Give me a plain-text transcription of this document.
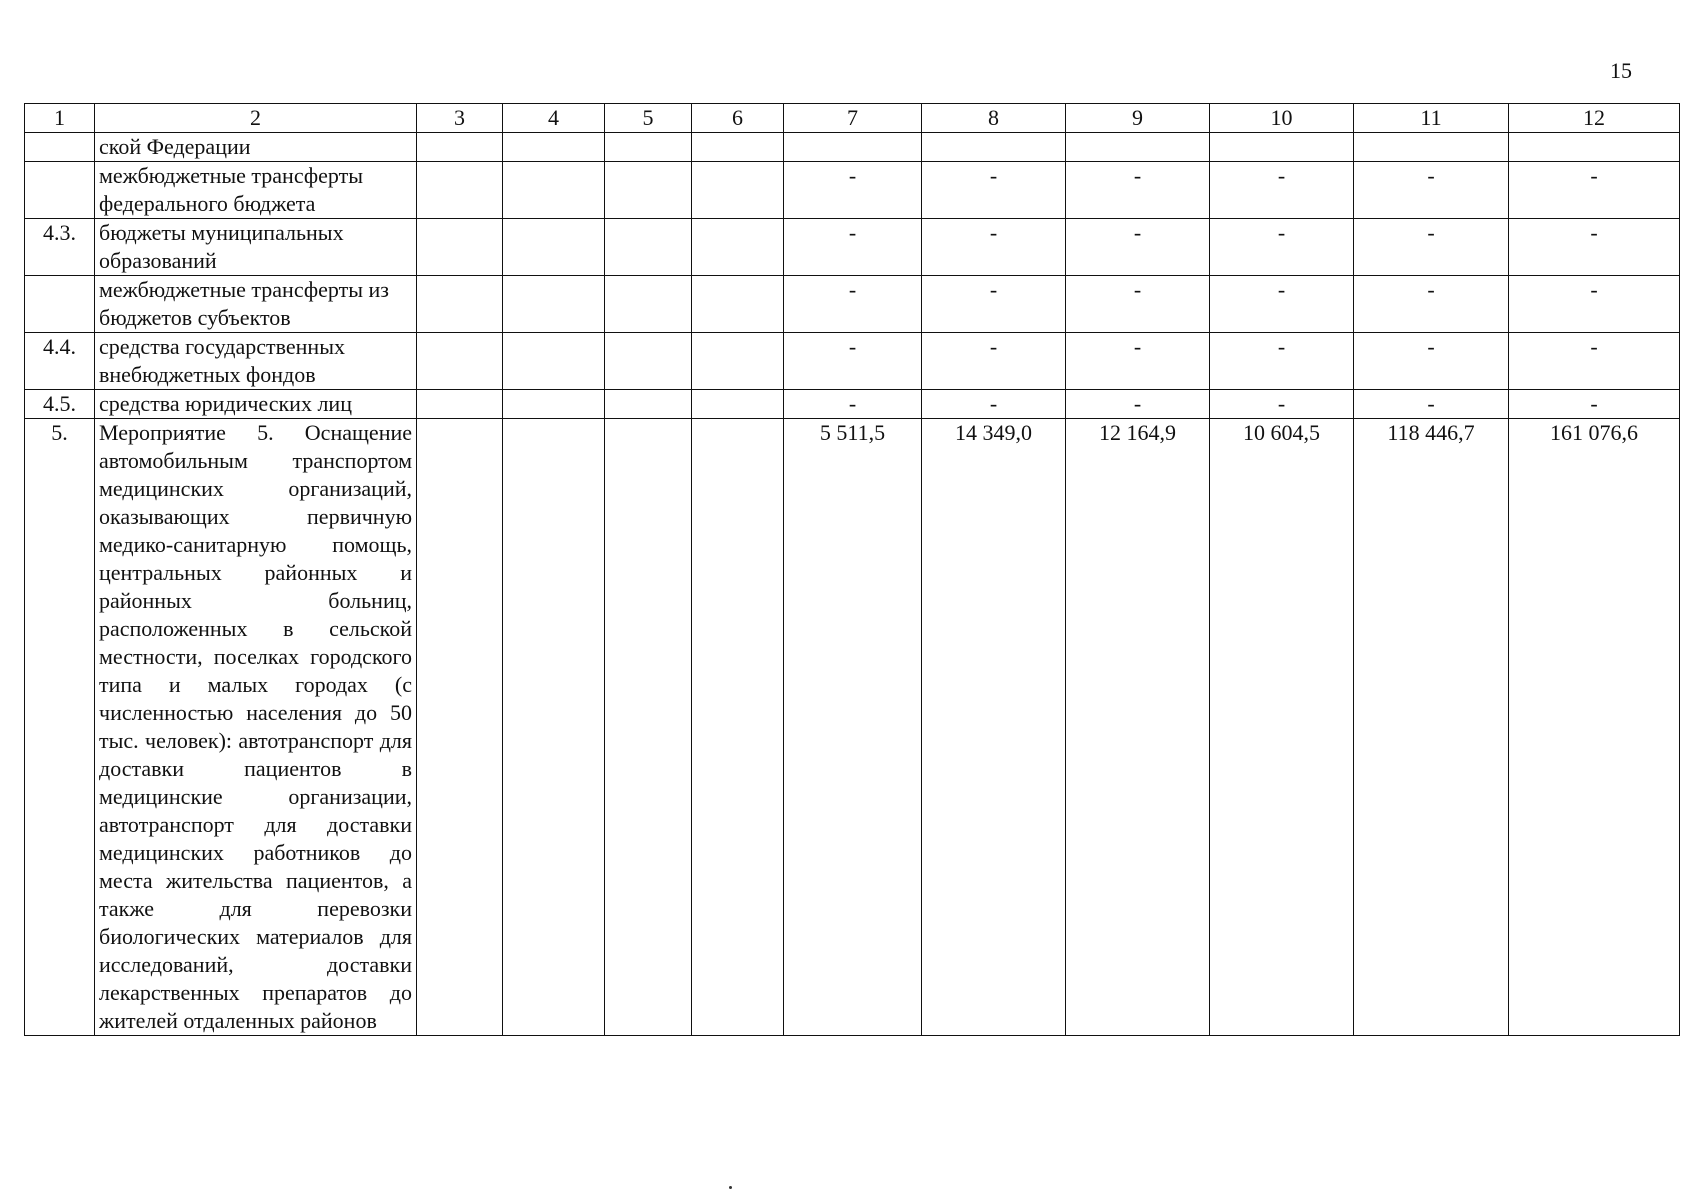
15
1	2	3	4	5	6	7	8	9	10	11	12
	ской Федерации										
	межбюджетные трансферты федерального бюджета					-	-	-	-	-	-
4.3.	бюджеты муниципальных образований					-	-	-	-	-	-
	межбюджетные трансферты из бюджетов субъектов					-	-	-	-	-	-
4.4.	средства государственных внебюджетных фондов					-	-	-	-	-	-
4.5.	средства юридических лиц					-	-	-	-	-	-
5.	Мероприятие 5. Оснащение автомобильным транспортом медицинских организаций, оказывающих первичную медико-санитарную помощь, центральных районных и районных больниц, расположенных в сельской местности, поселках городского типа и малых городах (с численностью населения до 50 тыс. человек): автотранспорт для доставки пациентов в медицинские организации, автотранспорт для доставки медицинских работников до места жительства пациентов, а также для перевозки биологических материалов для исследований, доставки лекарственных препаратов до жителей отдаленных районов					5 511,5	14 349,0	12 164,9	10 604,5	118 446,7	161 076,6
